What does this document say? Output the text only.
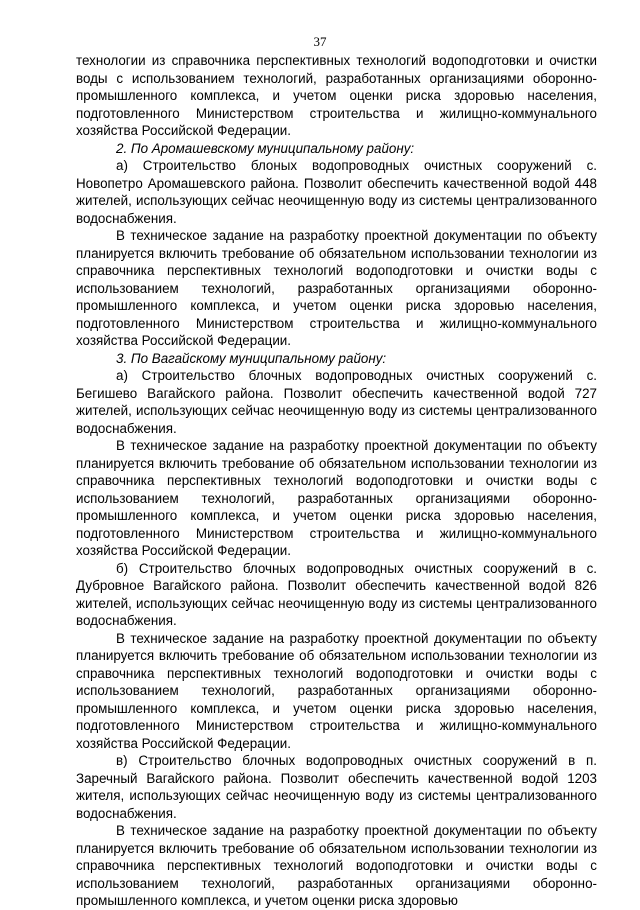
37

технологии из справочника перспективных технологий водоподготовки и очистки воды с использованием технологий, разработанных организациями оборонно-промышленного комплекса, и учетом оценки риска здоровью населения, подготовленного Министерством строительства и жилищно-коммунального хозяйства Российской Федерации.

2. По Аромашевскому муниципальному району:

а) Строительство блоных водопроводных очистных сооружений с. Новопетро Аромашевского района. Позволит обеспечить качественной водой 448 жителей, использующих сейчас неочищенную воду из системы централизованного водоснабжения.

В техническое задание на разработку проектной документации по объекту планируется включить требование об обязательном использовании технологии из справочника перспективных технологий водоподготовки и очистки воды с использованием технологий, разработанных организациями оборонно-промышленного комплекса, и учетом оценки риска здоровью населения, подготовленного Министерством строительства и жилищно-коммунального хозяйства Российской Федерации.

3. По Вагайскому муниципальному району:

а) Строительство блочных водопроводных очистных сооружений с. Бегишево Вагайского района. Позволит обеспечить качественной водой 727 жителей, использующих сейчас неочищенную воду из системы централизованного водоснабжения.

В техническое задание на разработку проектной документации по объекту планируется включить требование об обязательном использовании технологии из справочника перспективных технологий водоподготовки и очистки воды с использованием технологий, разработанных организациями оборонно-промышленного комплекса, и учетом оценки риска здоровью населения, подготовленного Министерством строительства и жилищно-коммунального хозяйства Российской Федерации.

б) Строительство блочных водопроводных очистных сооружений в с. Дубровное Вагайского района. Позволит обеспечить качественной водой 826 жителей, использующих сейчас неочищенную воду из системы централизованного водоснабжения.

В техническое задание на разработку проектной документации по объекту планируется включить требование об обязательном использовании технологии из справочника перспективных технологий водоподготовки и очистки воды с использованием технологий, разработанных организациями оборонно-промышленного комплекса, и учетом оценки риска здоровью населения, подготовленного Министерством строительства и жилищно-коммунального хозяйства Российской Федерации.

в) Строительство блочных водопроводных очистных сооружений в п. Заречный Вагайского района. Позволит обеспечить качественной водой 1203 жителя, использующих сейчас неочищенную воду из системы централизованного водоснабжения.

В техническое задание на разработку проектной документации по объекту планируется включить требование об обязательном использовании технологии из справочника перспективных технологий водоподготовки и очистки воды с использованием технологий, разработанных организациями оборонно-промышленного комплекса, и учетом оценки риска здоровью
